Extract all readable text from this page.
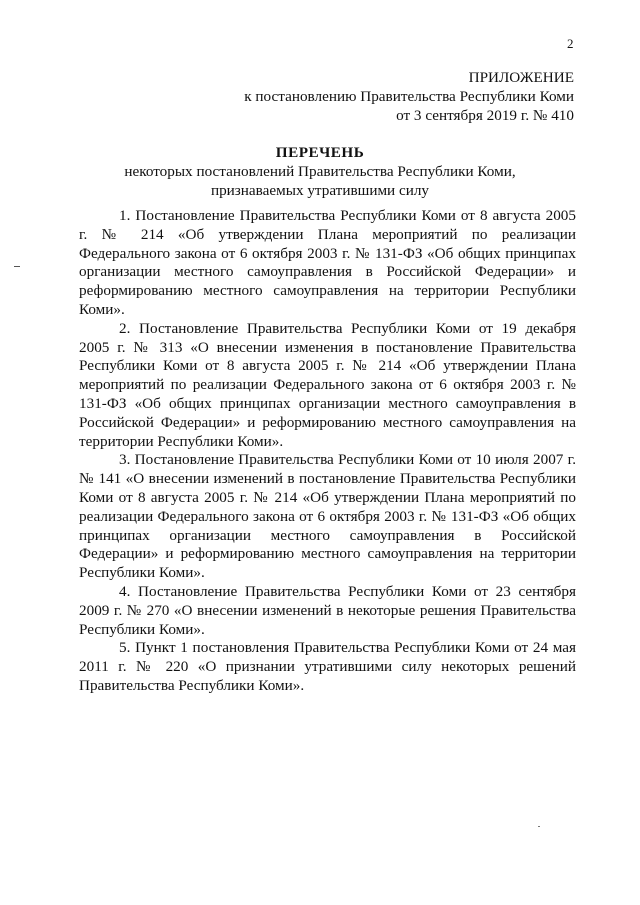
2
ПРИЛОЖЕНИЕ
к постановлению Правительства Республики Коми
от 3 сентября 2019 г. № 410
ПЕРЕЧЕНЬ
некоторых постановлений Правительства Республики Коми,
признаваемых утратившими силу

1. Постановление Правительства Республики Коми от 8 августа 2005 г. № 214 «Об утверждении Плана мероприятий по реализации Федерального закона от 6 октября 2003 г. № 131-ФЗ «Об общих принципах организации местного самоуправления в Российской Федерации» и реформированию местного самоуправления на территории Республики Коми».

2. Постановление Правительства Республики Коми от 19 декабря 2005 г. № 313 «О внесении изменения в постановление Правительства Республики Коми от 8 августа 2005 г. № 214 «Об утверждении Плана мероприятий по реализации Федерального закона от 6 октября 2003 г. № 131-ФЗ «Об общих принципах организации местного самоуправления в Российской Федерации» и реформированию местного самоуправления на территории Республики Коми».

3. Постановление Правительства Республики Коми от 10 июля 2007 г. № 141 «О внесении изменений в постановление Правительства Республики Коми от 8 августа 2005 г. № 214 «Об утверждении Плана мероприятий по реализации Федерального закона от 6 октября 2003 г. № 131-ФЗ «Об общих принципах организации местного самоуправления в Российской Федерации» и реформированию местного самоуправления на территории Республики Коми».

4. Постановление Правительства Республики Коми от 23 сентября 2009 г. № 270 «О внесении изменений в некоторые решения Правительства Республики Коми».

5. Пункт 1 постановления Правительства Республики Коми от 24 мая 2011 г. № 220 «О признании утратившими силу некоторых решений Правительства Республики Коми».
